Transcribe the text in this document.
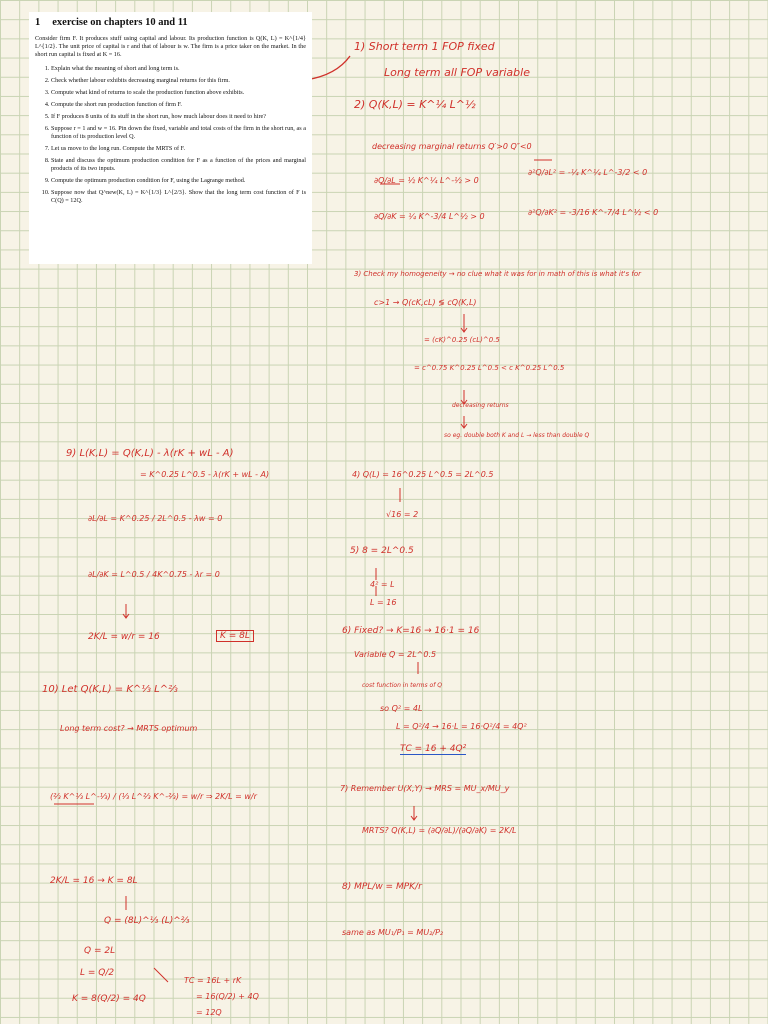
1 exercise on chapters 10 and 11

Consider firm F. It produces stuff using capital and labour. Its production function is Q(K, L) = K^{1/4} L^{1/2}. The unit price of capital is r and that of labour is w. The firm is a price taker on the market. In the short run capital is fixed at K = 16.

1. Explain what the meaning of short and long term is.
2. Check whether labour exhibits decreasing marginal returns for this firm.
3. Compute what kind of returns to scale the production function above exhibits.
4. Compute the short run production function of firm F.
5. If F produces 8 units of its stuff in the short run, how much labour does it need to hire?
6. Suppose r = 1 and w = 16. Pin down the fixed, variable and total costs of the firm in the short run, as a function of its production level Q.
7. Let us move to the long run. Compute the MRTS of F.
8. State and discuss the optimum production condition for F as a function of the prices and marginal products of its two inputs.
9. Compute the optimum production condition for F, using the Lagrange method.
10. Suppose now that Q^new(K, L) = K^{1/3} L^{2/3}. Show that the long term cost function of F is C(Q) = 12Q.
1) Short term 1 FOP fixed
Long term all FOP variable
2) Q(K,L) = K^¼ L^½
decreasing marginal returns Q′>0 Q″<0
∂Q/∂L = ½ K^¼ L^-½ > 0
∂²Q/∂L² = -¼ K^¼ L^-3/2 < 0
∂Q/∂K = ¼ K^-3/4 L^½ > 0	∂²Q/∂K² = -3/16 K^-7/4 L^½ < 0
3) Check my homogeneity → no clue what it was for in math of this is what it's for
c>1 → Q(cK,cL) ≶ cQ(K,L)
= (cK)^0.25 (cL)^0.5
= c^0.75 K^0.25 L^0.5 < c K^0.25 L^0.5
decreasing returns
so eg. double both K and L → less than double Q
4) Q(L) = 16^0.25 L^0.5 = 2L^0.5
√16 = 2
5) 8 = 2L^0.5
4² = L
L = 16
6) Fixed? → K=16 → 16·1 = 16
Variable Q = 2L^0.5
cost function in terms of Q
so Q² = 4L
L = Q²/4 → 16·L = 16·Q²/4 = 4Q²
TC = 16 + 4Q²
7) Remember U(X,Y) → MRS = MU_x/MU_y
MRTS? Q(K,L) = (∂Q/∂L)/(∂Q/∂K) = 2K/L
8) MPL/w = MPK/r
same as MU₁/P₁ = MU₂/P₂
9) L(K,L) = Q(K,L) - λ(rK + wL - A)
= K^0.25 L^0.5 - λ(rK + wL - A)
∂L/∂L = K^0.25 / 2L^0.5 - λw = 0
∂L/∂K = L^0.5 / 4K^0.75 - λr = 0
2K/L = w/r = 16	K = 8L
10) Let Q(K,L) = K^⅓ L^⅔
Long term cost? → MRTS optimum
(⅔ K^⅓ L^-⅓) / (⅓ L^⅔ K^-⅔) = w/r ⇒ 2K/L = w/r
2K/L = 16 → K = 8L
Q = (8L)^⅓ (L)^⅔
Q = 2L
L = Q/2
K = 8(Q/2) = 4Q
TC = 16L + rK
= 16(Q/2) + 4Q
= 12Q
